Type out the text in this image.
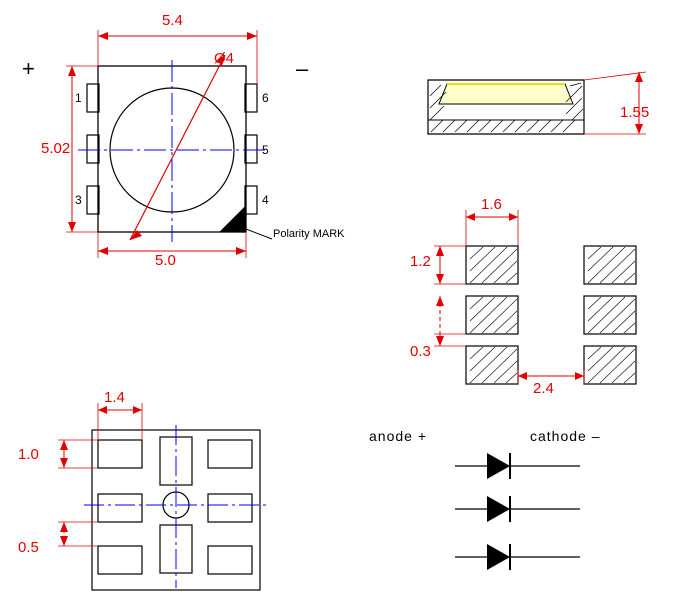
5.4
Ø4
5.02
5.0
1	6
5
3	4
+	–
Polarity MARK
1.55
1.6
1.2
0.3
2.4
1.4
1.0
0.5
anode +	cathode –
